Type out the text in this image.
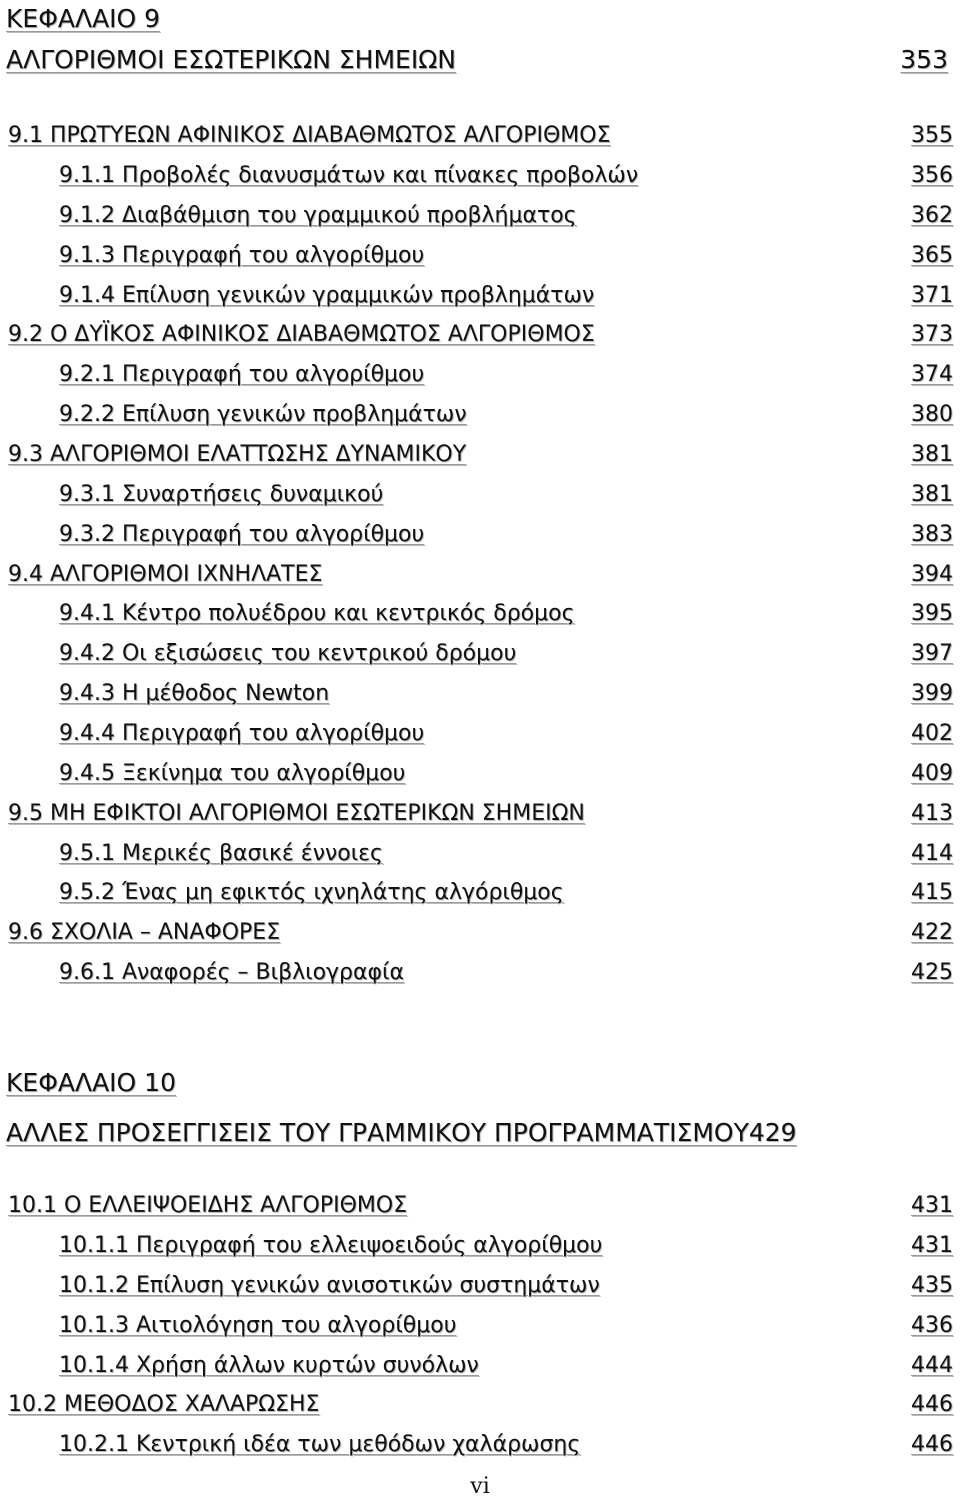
ΚΕΦΑΛΑΙΟ 9
ΑΛΓΟΡΙΘΜΟΙ ΕΣΩΤΕΡΙΚΩΝ ΣΗΜΕΙΩΝ	353
9.1 ΠΡΩΤΥΕΩΝ ΑΦΙΝΙΚΟΣ ΔΙΑΒΑΘΜΩΤΟΣ ΑΛΓΟΡΙΘΜΟΣ	355
9.1.1 Προβολές διανυσμάτων και πίνακες προβολών	356
9.1.2 Διαβάθμιση του γραμμικού προβλήματος	362
9.1.3 Περιγραφή του αλγορίθμου	365
9.1.4 Επίλυση γενικών γραμμικών προβλημάτων	371
9.2 Ο ΔΥΪΚΟΣ ΑΦΙΝΙΚΟΣ ΔΙΑΒΑΘΜΩΤΟΣ ΑΛΓΟΡΙΘΜΟΣ	373
9.2.1 Περιγραφή του αλγορίθμου	374
9.2.2 Επίλυση γενικών προβλημάτων	380
9.3 ΑΛΓΟΡΙΘΜΟΙ ΕΛΑΤΤΩΣΗΣ ΔΥΝΑΜΙΚΟΥ	381
9.3.1 Συναρτήσεις δυναμικού	381
9.3.2 Περιγραφή του αλγορίθμου	383
9.4 ΑΛΓΟΡΙΘΜΟΙ ΙΧΝΗΛΑΤΕΣ	394
9.4.1 Κέντρο πολυέδρου και κεντρικός δρόμος	395
9.4.2 Οι εξισώσεις του κεντρικού δρόμου	397
9.4.3 Η μέθοδος Newton	399
9.4.4 Περιγραφή του αλγορίθμου	402
9.4.5 Ξεκίνημα του αλγορίθμου	409
9.5 ΜΗ ΕΦΙΚΤΟΙ ΑΛΓΟΡΙΘΜΟΙ ΕΣΩΤΕΡΙΚΩΝ ΣΗΜΕΙΩΝ	413
9.5.1 Μερικές βασικέ έννοιες	414
9.5.2 Ένας μη εφικτός ιχνηλάτης αλγόριθμος	415
9.6 ΣΧΟΛΙΑ – ΑΝΑΦΟΡΕΣ	422
9.6.1 Αναφορές – Βιβλιογραφία	425
ΚΕΦΑΛΑΙΟ 10
ΑΛΛΕΣ ΠΡΟΣΕΓΓΙΣΕΙΣ ΤΟΥ ΓΡΑΜΜΙΚΟΥ ΠΡΟΓΡΑΜΜΑΤΙΣΜΟΥ429
10.1 Ο ΕΛΛΕΙΨΟΕΙΔΗΣ ΑΛΓΟΡΙΘΜΟΣ	431
10.1.1 Περιγραφή του ελλειψοειδούς αλγορίθμου	431
10.1.2 Επίλυση γενικών ανισοτικών συστημάτων	435
10.1.3 Αιτιολόγηση του αλγορίθμου	436
10.1.4 Χρήση άλλων κυρτών συνόλων	444
10.2 ΜΕΘΟΔΟΣ ΧΑΛΑΡΩΣΗΣ	446
10.2.1 Κεντρική ιδέα των μεθόδων χαλάρωσης	446
vi
